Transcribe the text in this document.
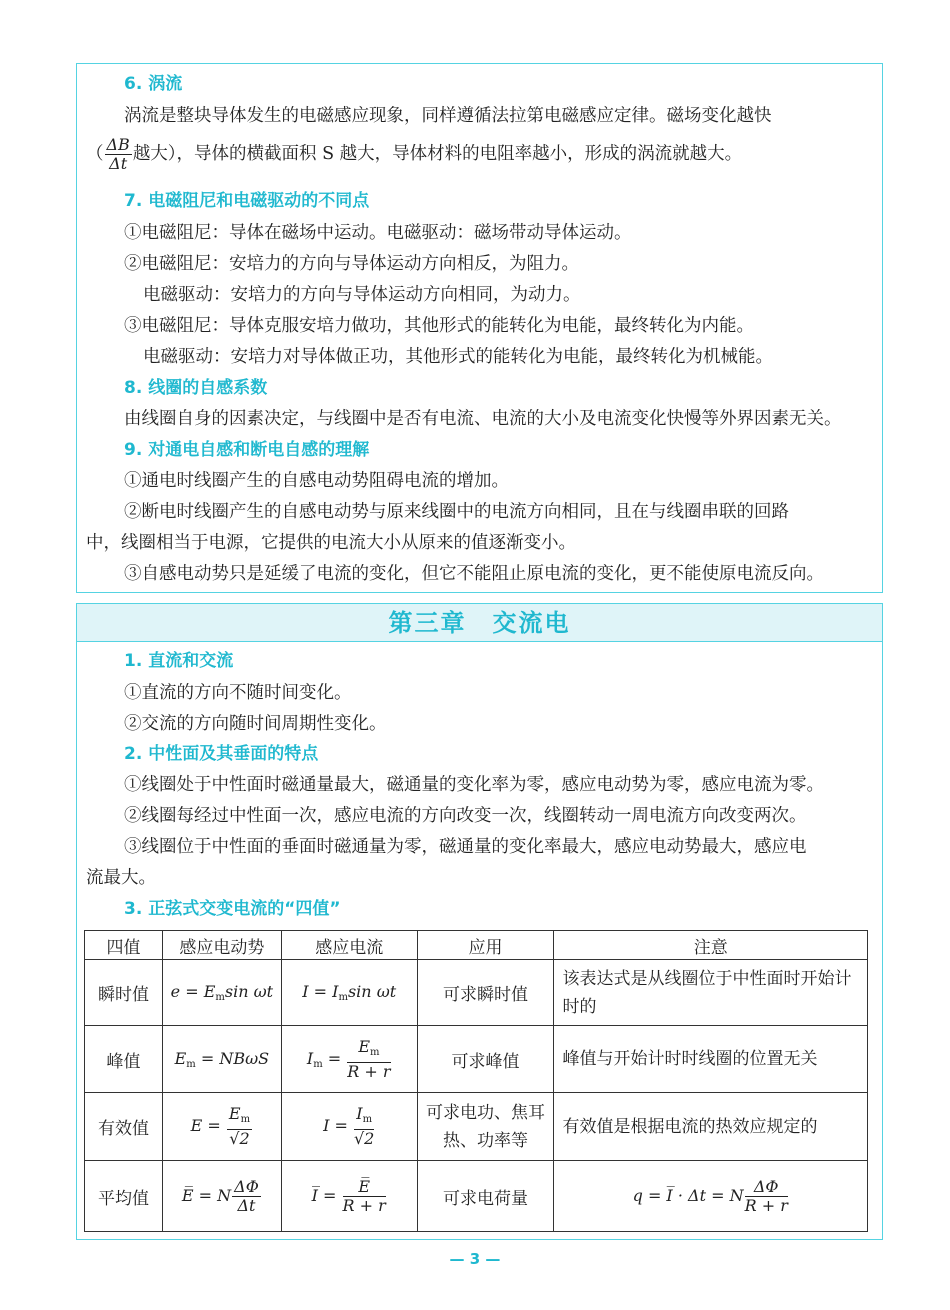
6. 涡流
涡流是整块导体发生的电磁感应现象，同样遵循法拉第电磁感应定律。磁场变化越快
（ $\frac{\Delta B}{\Delta t}$ 越大），导体的横截面积 S 越大，导体材料的电阻率越小，形成的涡流就越大。
7. 电磁阻尼和电磁驱动的不同点
①电磁阻尼：导体在磁场中运动。电磁驱动：磁场带动导体运动。
②电磁阻尼：安培力的方向与导体运动方向相反，为阻力。
电磁驱动：安培力的方向与导体运动方向相同，为动力。
③电磁阻尼：导体克服安培力做功，其他形式的能转化为电能，最终转化为内能。
电磁驱动：安培力对导体做正功，其他形式的能转化为电能，最终转化为机械能。
8. 线圈的自感系数
由线圈自身的因素决定，与线圈中是否有电流、电流的大小及电流变化快慢等外界因素无关。
9. 对通电自感和断电自感的理解
①通电时线圈产生的自感电动势阻碍电流的增加。
②断电时线圈产生的自感电动势与原来线圈中的电流方向相同，且在与线圈串联的回路
中，线圈相当于电源，它提供的电流大小从原来的值逐渐变小。
③自感电动势只是延缓了电流的变化，但它不能阻止原电流的变化，更不能使原电流反向。
第三章　交流电
1. 直流和交流
①直流的方向不随时间变化。
②交流的方向随时间周期性变化。
2. 中性面及其垂面的特点
①线圈处于中性面时磁通量最大，磁通量的变化率为零，感应电动势为零，感应电流为零。
②线圈每经过中性面一次，感应电流的方向改变一次，线圈转动一周电流方向改变两次。
③线圈位于中性面的垂面时磁通量为零，磁通量的变化率最大，感应电动势最大，感应电
流最大。
3. 正弦式交变电流的“四值”
四值	感应电动势	感应电流	应用	注意
瞬时值	$e = E_m\sin$ ωt	$I = I_m\sin$ ωt	可求瞬时值	该表达式是从线圈位于中性面时开始计时的
峰值	$E_m = NB\omega S$	$I_m = \frac{E_m}{R + r}$	可求峰值	峰值与开始计时时线圈的位置无关
有效值	$E = \frac{E_m}{√2}$	$I = \frac{I_m}{√2}$	可求电功、焦耳热、功率等	有效值是根据电流的热效应规定的
平均值	E̅ = N $\frac{\Delta\Phi}{\Delta t}$	I̅ = $\frac{E̅}{R + r}$	可求电荷量	q = I̅ · Δt = N $\frac{\Delta\Phi}{R + r}$
— 3 —
